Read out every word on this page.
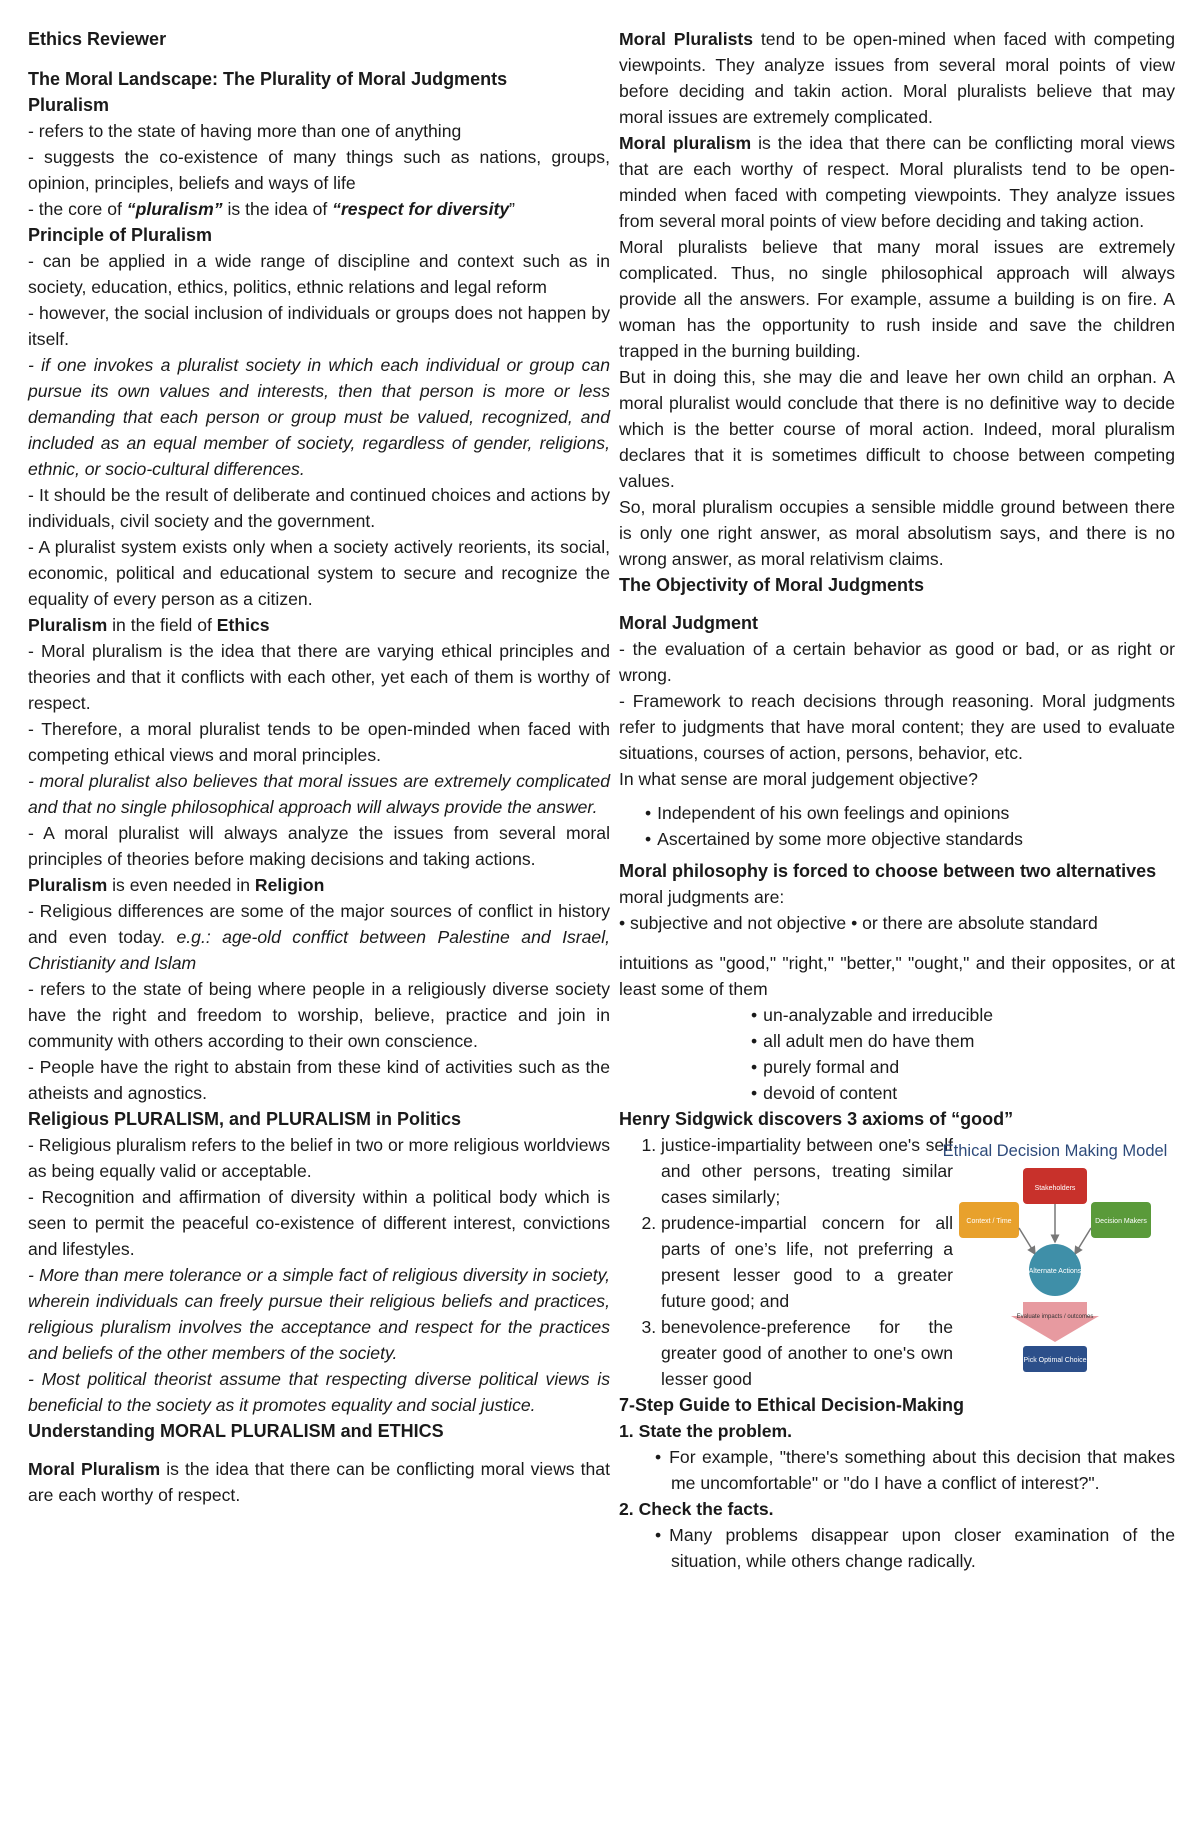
Ethics Reviewer
The Moral Landscape: The Plurality of Moral Judgments
Pluralism

- refers to the state of having more than one of anything

- suggests the co-existence of many things such as nations, groups, opinion, principles, beliefs and ways of life

- the core of “pluralism” is the idea of “respect for diversity”

Principle of Pluralism

- can be applied in a wide range of discipline and context such as in society, education, ethics, politics, ethnic relations and legal reform

- however, the social inclusion of individuals or groups does not happen by itself.

- if one invokes a pluralist society in which each individual or group can pursue its own values and interests, then that person is more or less demanding that each person or group must be valued, recognized, and included as an equal member of society, regardless of gender, religions, ethnic, or socio-cultural differences.

- It should be the result of deliberate and continued choices and actions by individuals, civil society and the government.

- A pluralist system exists only when a society actively reorients, its social, economic, political and educational system to secure and recognize the equality of every person as a citizen.

Pluralism in the field of Ethics

- Moral pluralism is the idea that there are varying ethical principles and theories and that it conflicts with each other, yet each of them is worthy of respect.

- Therefore, a moral pluralist tends to be open-minded when faced with competing ethical views and moral principles.

- moral pluralist also believes that moral issues are extremely complicated and that no single philosophical approach will always provide the answer.

- A moral pluralist will always analyze the issues from several moral principles of theories before making decisions and taking actions.

Pluralism is even needed in Religion

- Religious differences are some of the major sources of conflict in history and even today. e.g.: age-old conffict between Palestine and Israel, Christianity and Islam

- refers to the state of being where people in a religiously diverse society have the right and freedom to worship, believe, practice and join in community with others according to their own conscience.

- People have the right to abstain from these kind of activities such as the atheists and agnostics.

Religious PLURALISM, and PLURALISM in Politics

- Religious pluralism refers to the belief in two or more religious worldviews as being equally valid or acceptable.

- Recognition and affirmation of diversity within a political body which is seen to permit the peaceful co-existence of different interest, convictions and lifestyles.

- More than mere tolerance or a simple fact of religious diversity in society, wherein individuals can freely pursue their religious beliefs and practices, religious pluralism involves the acceptance and respect for the practices and beliefs of the other members of the society.

- Most political theorist assume that respecting diverse political views is beneficial to the society as it promotes equality and social justice.

Understanding MORAL PLURALISM and ETHICS

Moral Pluralism is the idea that there can be conflicting moral views that are each worthy of respect.

Moral Pluralists tend to be open-mined when faced with competing viewpoints. They analyze issues from several moral points of view before deciding and takin action. Moral pluralists believe that may moral issues are extremely complicated.

Moral pluralism is the idea that there can be conflicting moral views that are each worthy of respect. Moral pluralists tend to be open-minded when faced with competing viewpoints. They analyze issues from several moral points of view before deciding and taking action.

Moral pluralists believe that many moral issues are extremely complicated. Thus, no single philosophical approach will always provide all the answers. For example, assume a building is on fire. A woman has the opportunity to rush inside and save the children trapped in the burning building.

But in doing this, she may die and leave her own child an orphan. A moral pluralist would conclude that there is no definitive way to decide which is the better course of moral action. Indeed, moral pluralism declares that it is sometimes difficult to choose between competing values.

So, moral pluralism occupies a sensible middle ground between there is only one right answer, as moral absolutism says, and there is no wrong answer, as moral relativism claims.

The Objectivity of Moral Judgments
Moral Judgment

- the evaluation of a certain behavior as good or bad, or as right or wrong.

- Framework to reach decisions through reasoning. Moral judgments refer to judgments that have moral content; they are used to evaluate situations, courses of action, persons, behavior, etc.

In what sense are moral judgement objective?

• Independent of his own feelings and opinions
• Ascertained by some more objective standards
Moral philosophy is forced to choose between two alternatives

moral judgments are:

• subjective and not objective • or there are absolute standard

intuitions as "good," "right," "better," "ought," and their opposites, or at least some of them

• un-analyzable and irreducible
• all adult men do have them
• purely formal and
• devoid of content
Henry Sidgwick discovers 3 axioms of “good”
1. justice-impartiality between one's self and other persons, treating similar cases similarly;
2. prudence-impartial concern for all parts of one’s life, not preferring a present lesser good to a greater future good; and
3. benevolence-preference for the greater good of another to one's own lesser good
Ethical Decision Making Model
Stakeholders
Context / Time	Decision Makers
Alternate Actions
Evaluate impacts / outcomes
Pick Optimal Choice
7-Step Guide to Ethical Decision-Making
1. State the problem.
• For example, "there's something about this decision that makes me uncomfortable" or "do I have a conflict of interest?".
2. Check the facts.
• Many problems disappear upon closer examination of the situation, while others change radically.
